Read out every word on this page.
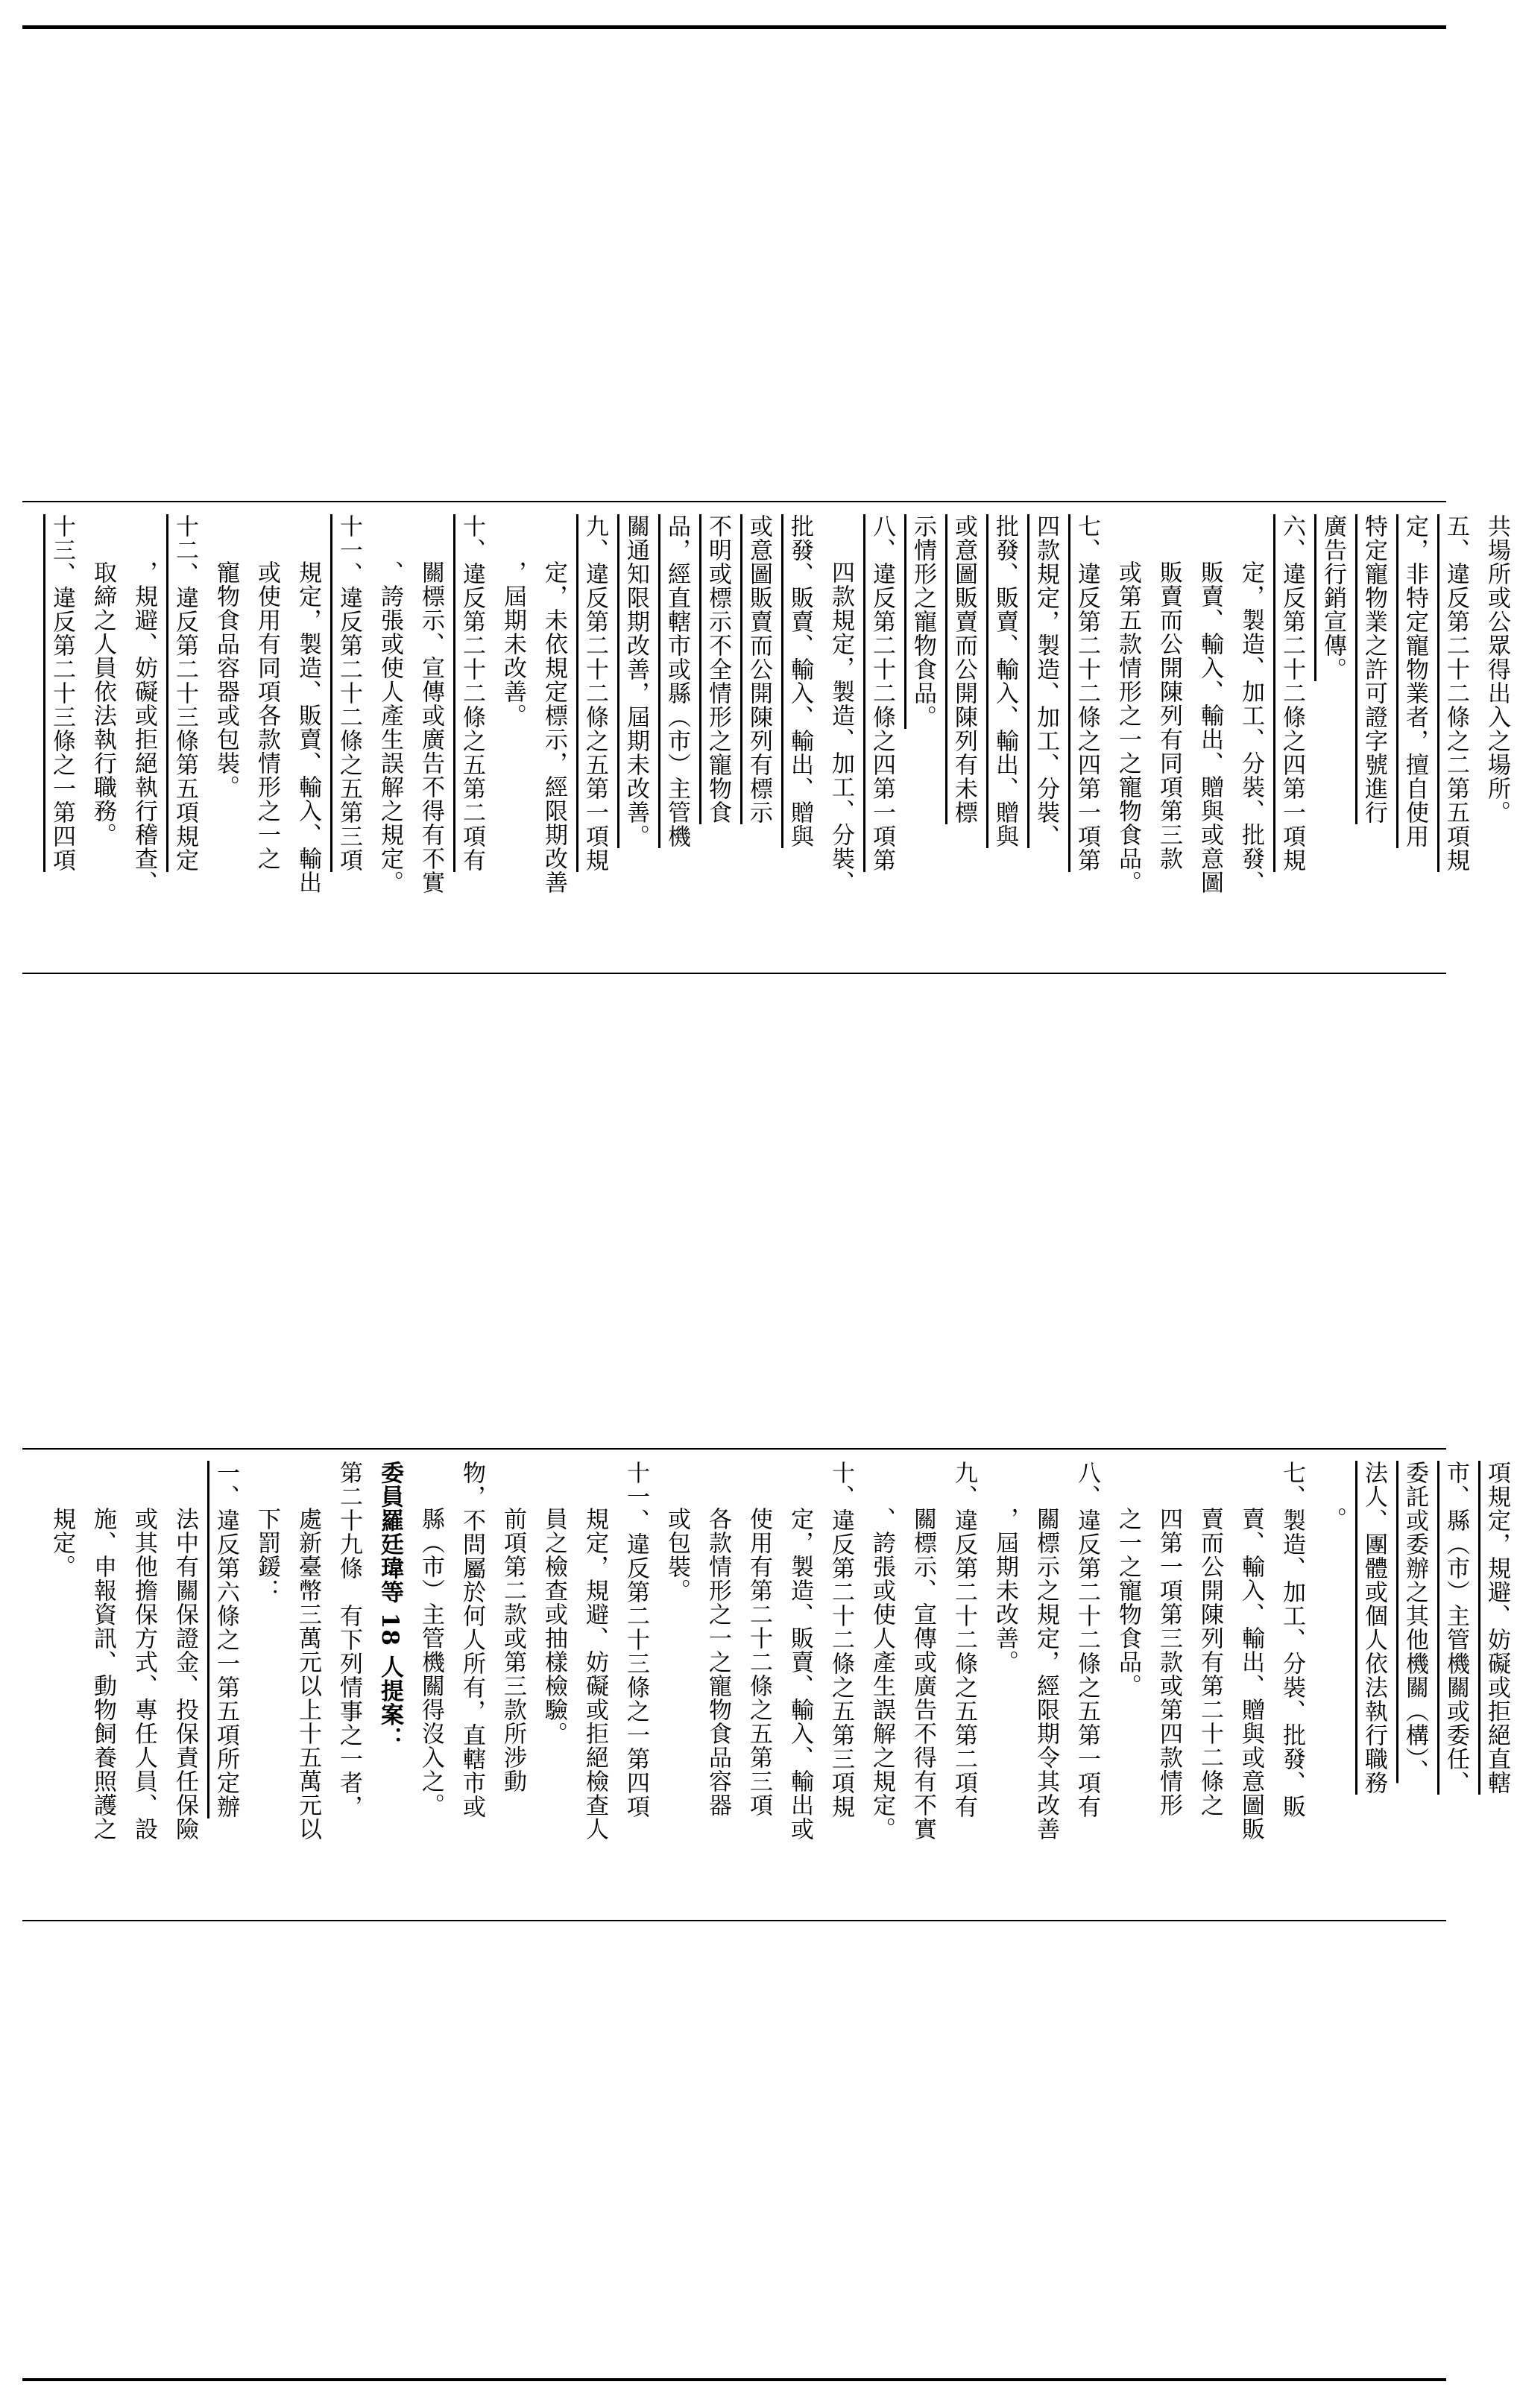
共場所或公眾得出入之場所。
五、違反第二十二條之二第五項規
定，非特定寵物業者，擅自使用
特定寵物業之許可證字號進行
廣告行銷宣傳。
六、違反第二十二條之四第一項規
定，製造、加工、分裝、批發、
販賣、輸入、輸出、贈與或意圖
販賣而公開陳列有同項第三款
或第五款情形之一之寵物食品。
七、違反第二十二條之四第一項第
四款規定，製造、加工、分裝、
批發、販賣、輸入、輸出、贈與
或意圖販賣而公開陳列有未標
示情形之寵物食品。
八、違反第二十二條之四第一項第
四款規定，製造、加工、分裝、
批發、販賣、輸入、輸出、贈與
或意圖販賣而公開陳列有標示
不明或標示不全情形之寵物食
品，經直轄市或縣（市）主管機
關通知限期改善，屆期未改善。
九、違反第二十二條之五第一項規
定，未依規定標示，經限期改善
，屆期未改善。
十、違反第二十二條之五第二項有
關標示、宣傳或廣告不得有不實
、誇張或使人產生誤解之規定。
十一、違反第二十二條之五第三項
規定，製造、販賣、輸入、輸出
或使用有同項各款情形之一之
寵物食品容器或包裝。
十二、違反第二十三條第五項規定
，規避、妨礙或拒絕執行稽查、
取締之人員依法執行職務。
十三、違反第二十三條之一第四項
項規定，規避、妨礙或拒絕直轄
市、縣（市）主管機關或委任、
委託或委辦之其他機關（構）、
法人、團體或個人依法執行職務
。
七、製造、加工、分裝、批發、販
賣、輸入、輸出、贈與或意圖販
賣而公開陳列有第二十二條之
四第一項第三款或第四款情形
之一之寵物食品。
八、違反第二十二條之五第一項有
關標示之規定，經限期令其改善
，屆期未改善。
九、違反第二十二條之五第二項有
關標示、宣傳或廣告不得有不實
、誇張或使人產生誤解之規定。
十、違反第二十二條之五第三項規
定，製造、販賣、輸入、輸出或
使用有第二十二條之五第三項
各款情形之一之寵物食品容器
或包裝。
十一、違反第二十三條之一第四項
規定，規避、妨礙或拒絕檢查人
員之檢查或抽樣檢驗。
前項第二款或第三款所涉動
物，不問屬於何人所有，直轄市或
縣（市）主管機關得沒入之。
委員羅廷瑋等 18 人提案：
第二十九條　有下列情事之一者，
處新臺幣三萬元以上十五萬元以
下罰鍰：
一、違反第六條之一第五項所定辦
法中有關保證金、投保責任保險
或其他擔保方式、專任人員、設
施、申報資訊、動物飼養照護之
規定。
